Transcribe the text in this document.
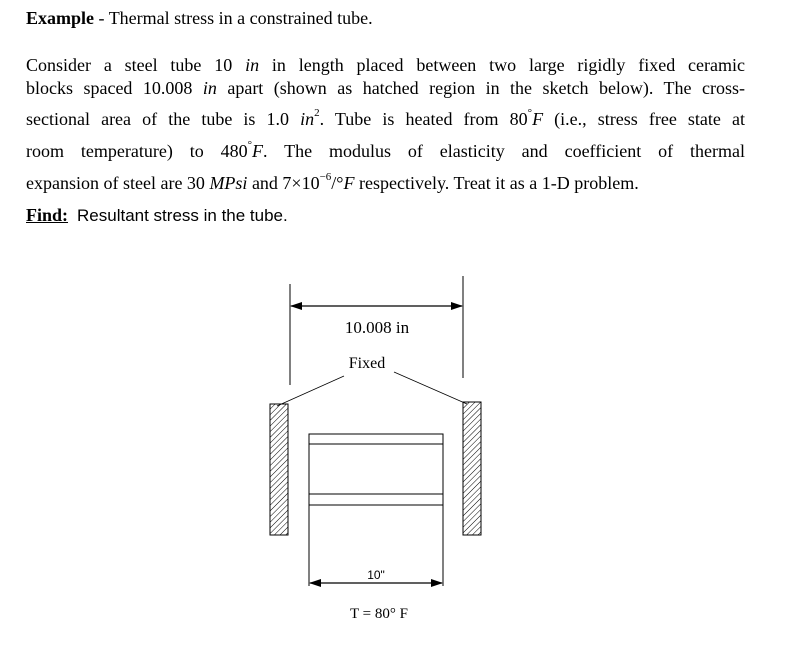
Example - Thermal stress in a constrained tube.
Consider a steel tube 10 in in length placed between two large rigidly fixed ceramic
blocks spaced 10.008 in apart (shown as hatched region in the sketch below). The cross-
sectional area of the tube is 1.0 $in^2$. Tube is heated from 80°F (i.e., stress free state at
room temperature) to 480°F. The modulus of elasticity and coefficient of thermal
expansion of steel are 30 MPsi and $7\times 10^{-6}/^\circ F$ respectively. Treat it as a 1-D problem.
Find: Resultant stress in the tube.
10.008 in
Fixed
10"
T = 80° F
